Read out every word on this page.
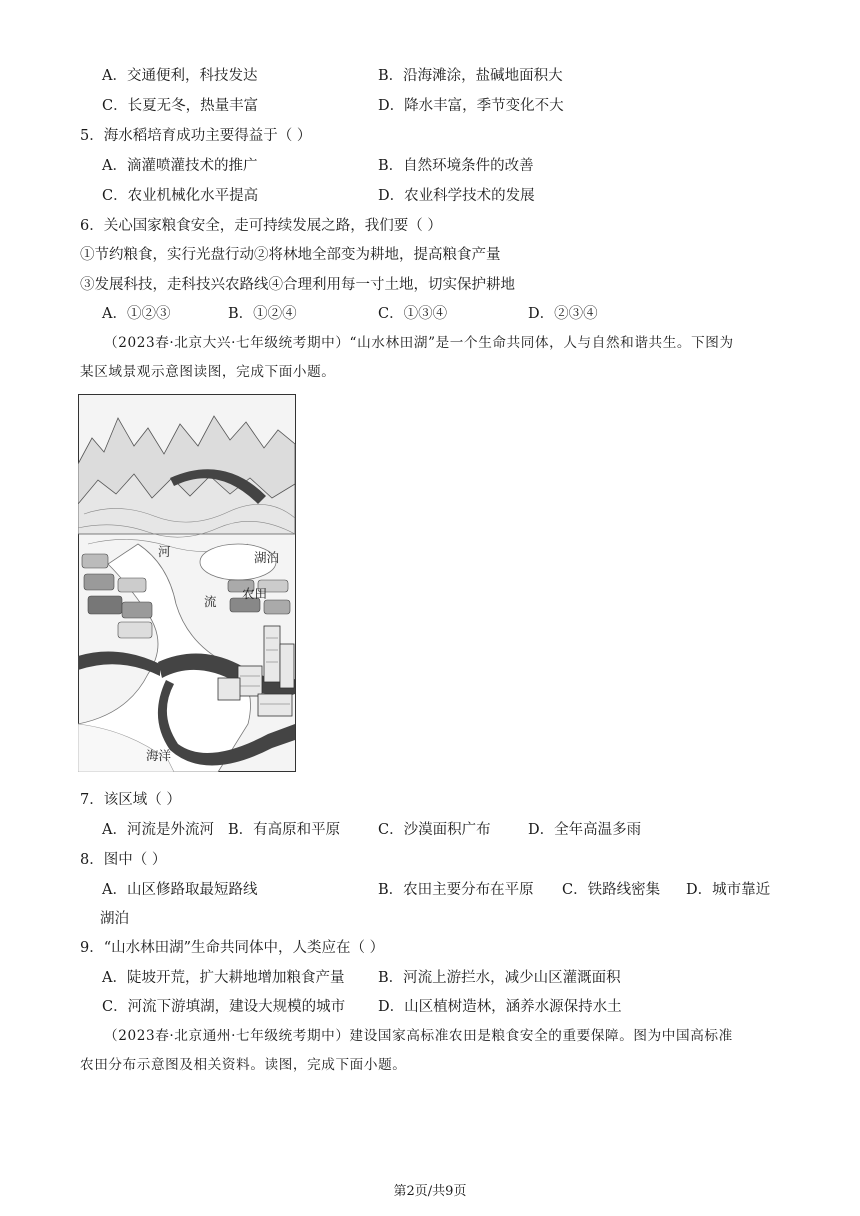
A．交通便利，科技发达	B．沿海滩涂，盐碱地面积大
C．长夏无冬，热量丰富	D．降水丰富，季节变化不大
5．海水稻培育成功主要得益于（ ）
A．滴灌喷灌技术的推广	B．自然环境条件的改善
C．农业机械化水平提高	D．农业科学技术的发展
6．关心国家粮食安全，走可持续发展之路，我们要（ ）
①节约粮食，实行光盘行动②将林地全部变为耕地，提高粮食产量
③发展科技，走科技兴农路线④合理利用每一寸土地，切实保护耕地
A．①②③	B．①②④	C．①③④	D．②③④
（2023春·北京大兴·七年级统考期中）“山水林田湖”是一个生命共同体，人与自然和谐共生。下图为
某区域景观示意图读图，完成下面小题。
河
流
湖泊
农田
海洋
7．该区域（ ）
A．河流是外流河 B．有高原和平原	C．沙漠面积广布	D．全年高温多雨
8．图中（ ）
A．山区修路取最短路线	B．农田主要分布在平原 C．铁路线密集 D．城市靠近
湖泊
9．“山水林田湖”生命共同体中，人类应在（ ）
A．陡坡开荒，扩大耕地增加粮食产量 B．河流上游拦水，减少山区灌溉面积
C．河流下游填湖，建设大规模的城市 D．山区植树造林，涵养水源保持水土
（2023春·北京通州·七年级统考期中）建设国家高标准农田是粮食安全的重要保障。图为中国高标准
农田分布示意图及相关资料。读图，完成下面小题。
第2页/共9页
